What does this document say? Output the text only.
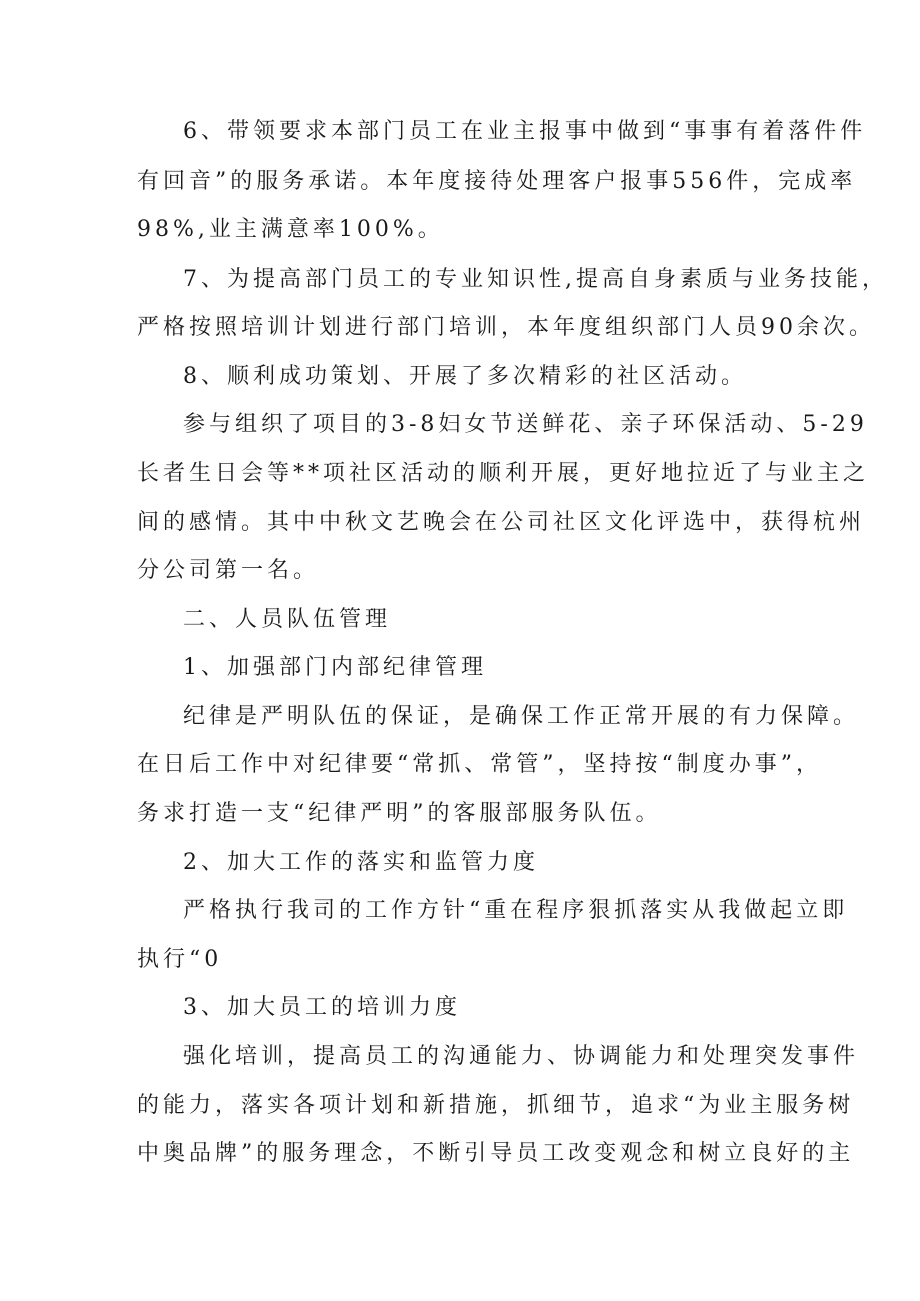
6、带领要求本部门员工在业主报事中做到“事事有着落件件

有回音”的服务承诺。本年度接待处理客户报事556件，完成率

98%,业主满意率100%。

7、为提高部门员工的专业知识性,提高自身素质与业务技能，

严格按照培训计划进行部门培训，本年度组织部门人员90余次。

8、顺利成功策划、开展了多次精彩的社区活动。

参与组织了项目的3-8妇女节送鲜花、亲子环保活动、5-29

长者生日会等**项社区活动的顺利开展，更好地拉近了与业主之

间的感情。其中中秋文艺晚会在公司社区文化评选中，获得杭州

分公司第一名。

二、人员队伍管理

1、加强部门内部纪律管理

纪律是严明队伍的保证，是确保工作正常开展的有力保障。

在日后工作中对纪律要“常抓、常管”，坚持按“制度办事”，

务求打造一支“纪律严明”的客服部服务队伍。

2、加大工作的落实和监管力度

严格执行我司的工作方针“重在程序狠抓落实从我做起立即

执行“0

3、加大员工的培训力度

强化培训，提高员工的沟通能力、协调能力和处理突发事件

的能力，落实各项计划和新措施，抓细节，追求“为业主服务树

中奥品牌”的服务理念，不断引导员工改变观念和树立良好的主
